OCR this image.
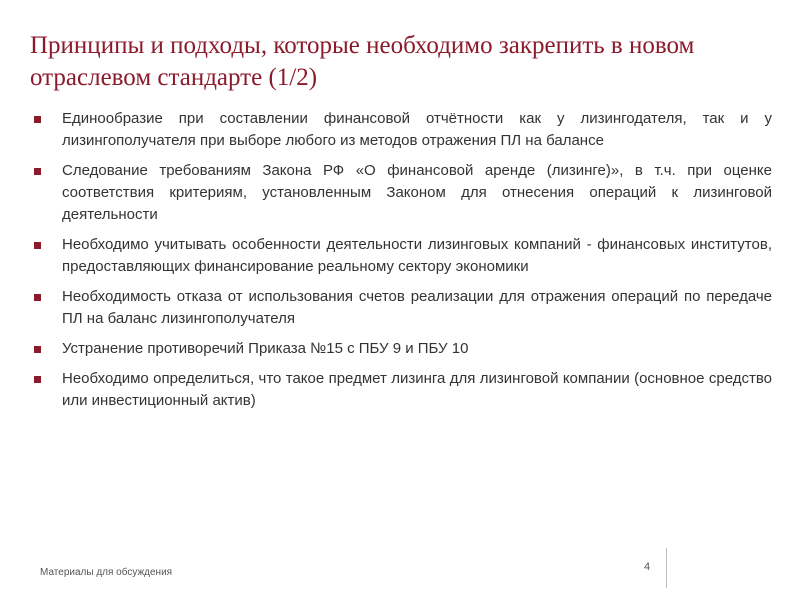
Принципы и подходы, которые необходимо закрепить в новом отраслевом стандарте (1/2)
Единообразие при составлении финансовой отчётности как у лизингодателя, так и у лизингополучателя при выборе любого из методов отражения ПЛ на балансе
Следование требованиям Закона РФ «О финансовой аренде (лизинге)», в т.ч. при оценке соответствия критериям, установленным Законом для отнесения операций к лизинговой деятельности
Необходимо учитывать особенности деятельности лизинговых компаний - финансовых институтов, предоставляющих финансирование реальному сектору экономики
Необходимость отказа от использования счетов реализации для отражения операций по передаче ПЛ на баланс лизингополучателя
Устранение противоречий Приказа №15 с ПБУ 9 и ПБУ 10
Необходимо определиться, что такое предмет лизинга для лизинговой компании (основное средство или инвестиционный актив)
4
Материалы для обсуждения
